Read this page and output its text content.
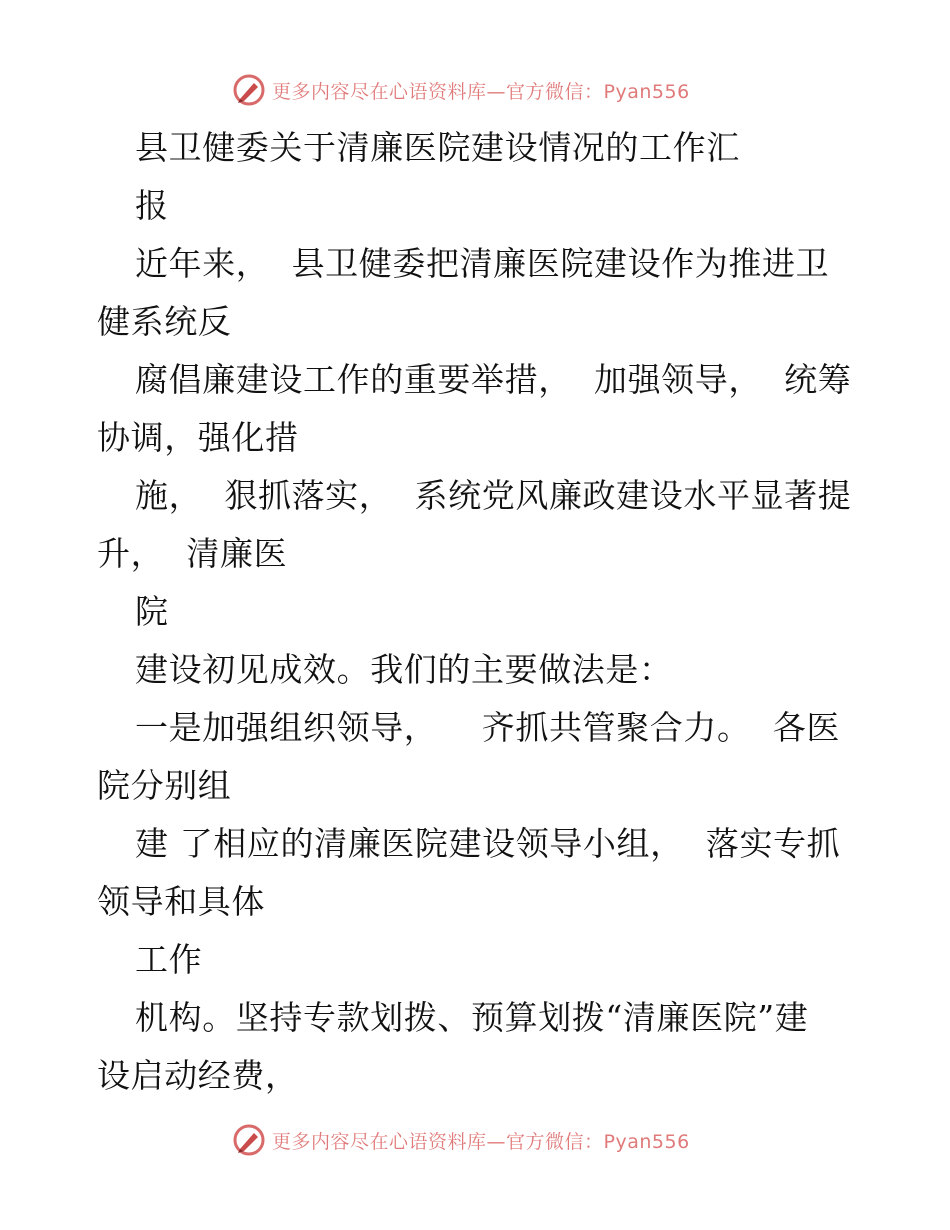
更多内容尽在心语资料库—官方微信：Pyan556
县卫健委关于清廉医院建设情况的工作汇
报
近年来，  县卫健委把清廉医院建设作为推进卫
健系统反
腐倡廉建设工作的重要举措，  加强领导，  统筹
协调，强化措
施，  狠抓落实，  系统党风廉政建设水平显著提
升，  清廉医
院
建设初见成效。我们的主要做法是：
一是加强组织领导，    齐抓共管聚合力。  各医
院分别组
建 了相应的清廉医院建设领导小组，  落实专抓
领导和具体
工作
机构。坚持专款划拨、预算划拨“清廉医院”建
设启动经费，
更多内容尽在心语资料库—官方微信：Pyan556
